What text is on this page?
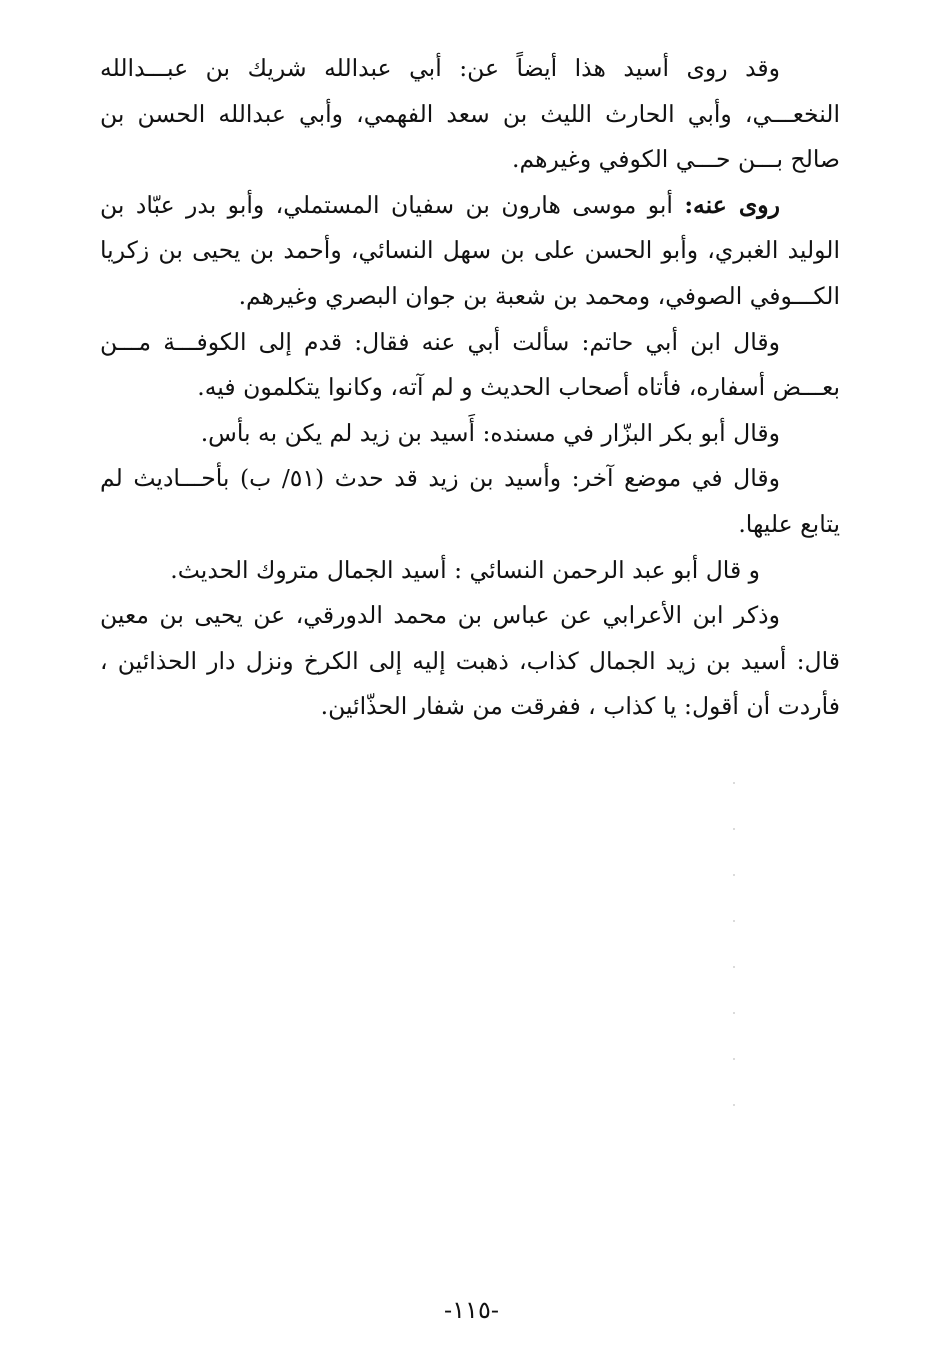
وقد روى أسيد هذا أيضاً عن: أبي عبدالله شريك بن عبـــدالله النخعـــي، وأبي الحارث الليث بن سعد الفهمي، وأبي عبدالله الحسن بن صالح بـــن حـــي الكوفي وغيرهم.

روى عنه: أبو موسى هارون بن سفيان المستملي، وأبو بدر عبّاد بن الوليد الغبري، وأبو الحسن على بن سهل النسائي، وأحمد بن يحيى بن زكريا الكـــوفي الصوفي، ومحمد بن شعبة بن جوان البصري وغيرهم.

وقال ابن أبي حاتم: سألت أبي عنه فقال: قدم إلى الكوفـــة مـــن بعـــض أسفاره، فأتاه أصحاب الحديث و لم آته، وكانوا يتكلمون فيه.

وقال أبو بكر البزّار في مسنده: أَسيد بن زيد لم يكن به بأس.

وقال في موضع آخر: وأسيد بن زيد قد حدث (٥١/ ب) بأحـــاديث لم يتابع عليها.

و قال أبو عبد الرحمن النسائي : أسيد الجمال متروك الحديث.

وذكر ابن الأعرابي عن عباس بن محمد الدورقي، عن يحيى بن معين قال: أسيد بن زيد الجمال كذاب، ذهبت إليه إلى الكرخ ونزل دار الحذائين ، فأردت أن أقول: يا كذاب ، ففرقت من شفار الحذّائين.

-١١٥-
